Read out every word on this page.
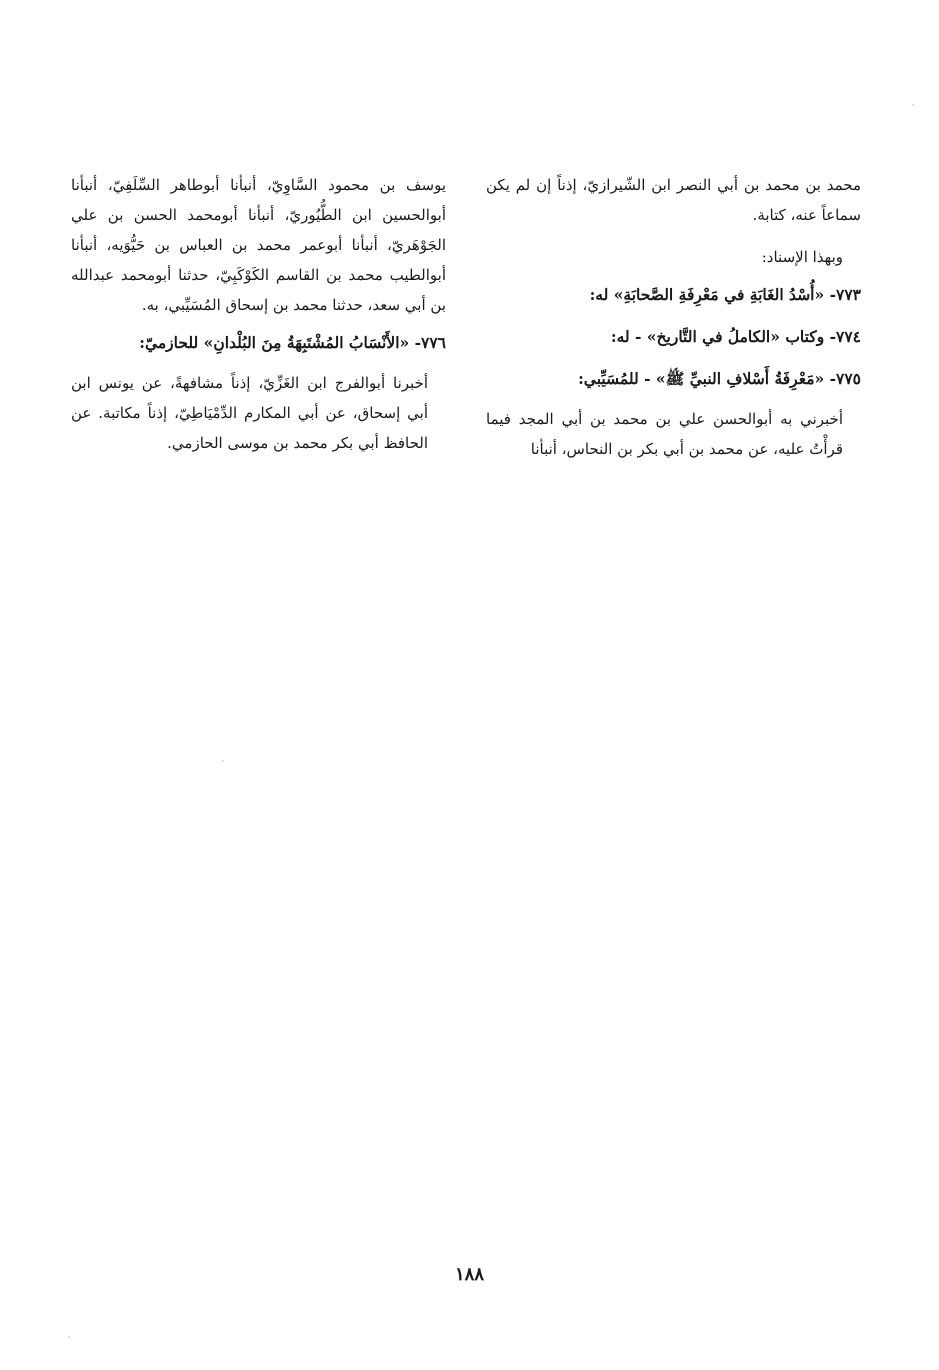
محمد بن محمد بن أبي النصر ابن الشّيرازيّ، إذناً إن لم يكن سماعاً عنه، كتابة.

وبهذا الإسناد:

٧٧٣- «أُسْدُ الغَابَةِ في مَعْرِفَةِ الصَّحابَةِ» له:

٧٧٤- وكتاب «الكاملُ في التَّاريخ» - له:

٧٧٥- «مَعْرِفَةُ أَسْلافِ النبيِّ ﷺ» - للمُسَيِّبي:

أخبرني به أبوالحسن علي بن محمد بن أبي المجد فيما قرأْتُ عليه، عن محمد بن أبي بكر بن النحاس، أنبأنا

يوسف بن محمود السَّاوِيّ، أنبأنا أبوطاهر السِّلَفِيّ، أنبأنا أبوالحسين ابن الطُّيُوريّ، أنبأنا أبومحمد الحسن بن علي الجَوْهَريّ، أنبأنا أبوعمر محمد بن العباس بن حَيُّوَيه، أنبأنا أبوالطيب محمد بن القاسم الكَوْكَبِيّ، حدثنا أبومحمد عبدالله بن أبي سعد، حدثنا محمد بن إسحاق المُسَيِّبي، به.

٧٧٦- «الأَنْسَابُ المُشْتَبِهَةُ مِنَ البُلْدانِ» للحازميّ:

أخبرنا أبوالفرج ابن الغَزِّيّ، إذناً مشافهةً، عن يونس ابن أبي إسحاق، عن أبي المكارم الدِّمْيَاطِيّ، إذناً مكاتبة. عن الحافظ أبي بكر محمد بن موسى الحازمي.

١٨٨
